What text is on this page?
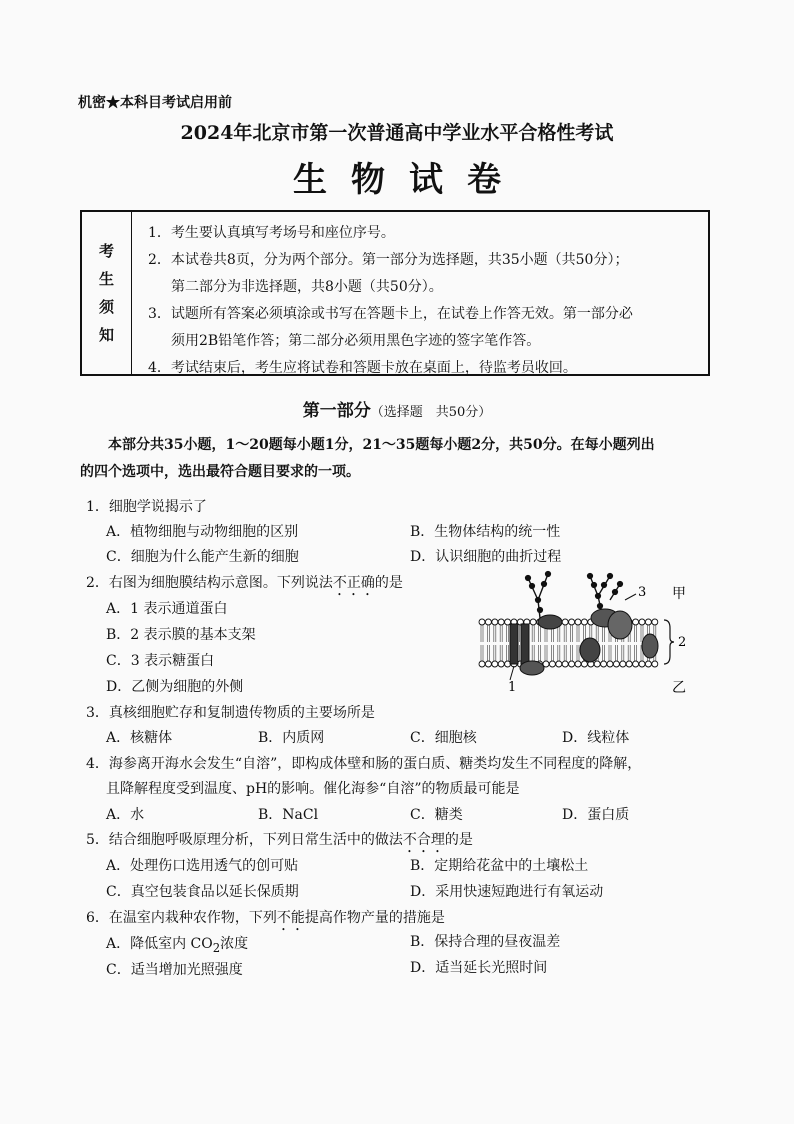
机密★本科目考试启用前
2024年北京市第一次普通高中学业水平合格性考试
生物试卷
考
生
须
知
1．考生要认真填写考场号和座位序号。
2．本试卷共8页，分为两个部分。第一部分为选择题，共35小题（共50分）；
第二部分为非选择题，共8小题（共50分）。
3．试题所有答案必须填涂或书写在答题卡上，在试卷上作答无效。第一部分必
须用2B铅笔作答；第二部分必须用黑色字迹的签字笔作答。
4．考试结束后，考生应将试卷和答题卡放在桌面上，待监考员收回。
第一部分（选择题　共50分）
本部分共35小题，1～20题每小题1分，21～35题每小题2分，共50分。在每小题列出
的四个选项中，选出最符合题目要求的一项。
1．细胞学说揭示了
A．植物细胞与动物细胞的区别	B．生物体结构的统一性
C．细胞为什么能产生新的细胞	D．认识细胞的曲折过程
2．右图为细胞膜结构示意图。下列说法不正确的是
A．1 表示通道蛋白
B．2 表示膜的基本支架
C．3 表示糖蛋白
D．乙侧为细胞的外侧	1
2
3 甲
乙
3．真核细胞贮存和复制遗传物质的主要场所是
A．核糖体	B．内质网	C．细胞核	D．线粒体
4．海参离开海水会发生“自溶”，即构成体壁和肠的蛋白质、糖类均发生不同程度的降解，
且降解程度受到温度、pH的影响。催化海参“自溶”的物质最可能是
A．水	B．NaCl	C．糖类	D．蛋白质
5．结合细胞呼吸原理分析，下列日常生活中的做法不合理的是
A．处理伤口选用透气的创可贴	B．定期给花盆中的土壤松土
C．真空包装食品以延长保质期	D．采用快速短跑进行有氧运动
6．在温室内栽种农作物，下列不能提高作物产量的措施是
A．降低室内 $CO_2$浓度	B．保持合理的昼夜温差
C．适当增加光照强度	D．适当延长光照时间
